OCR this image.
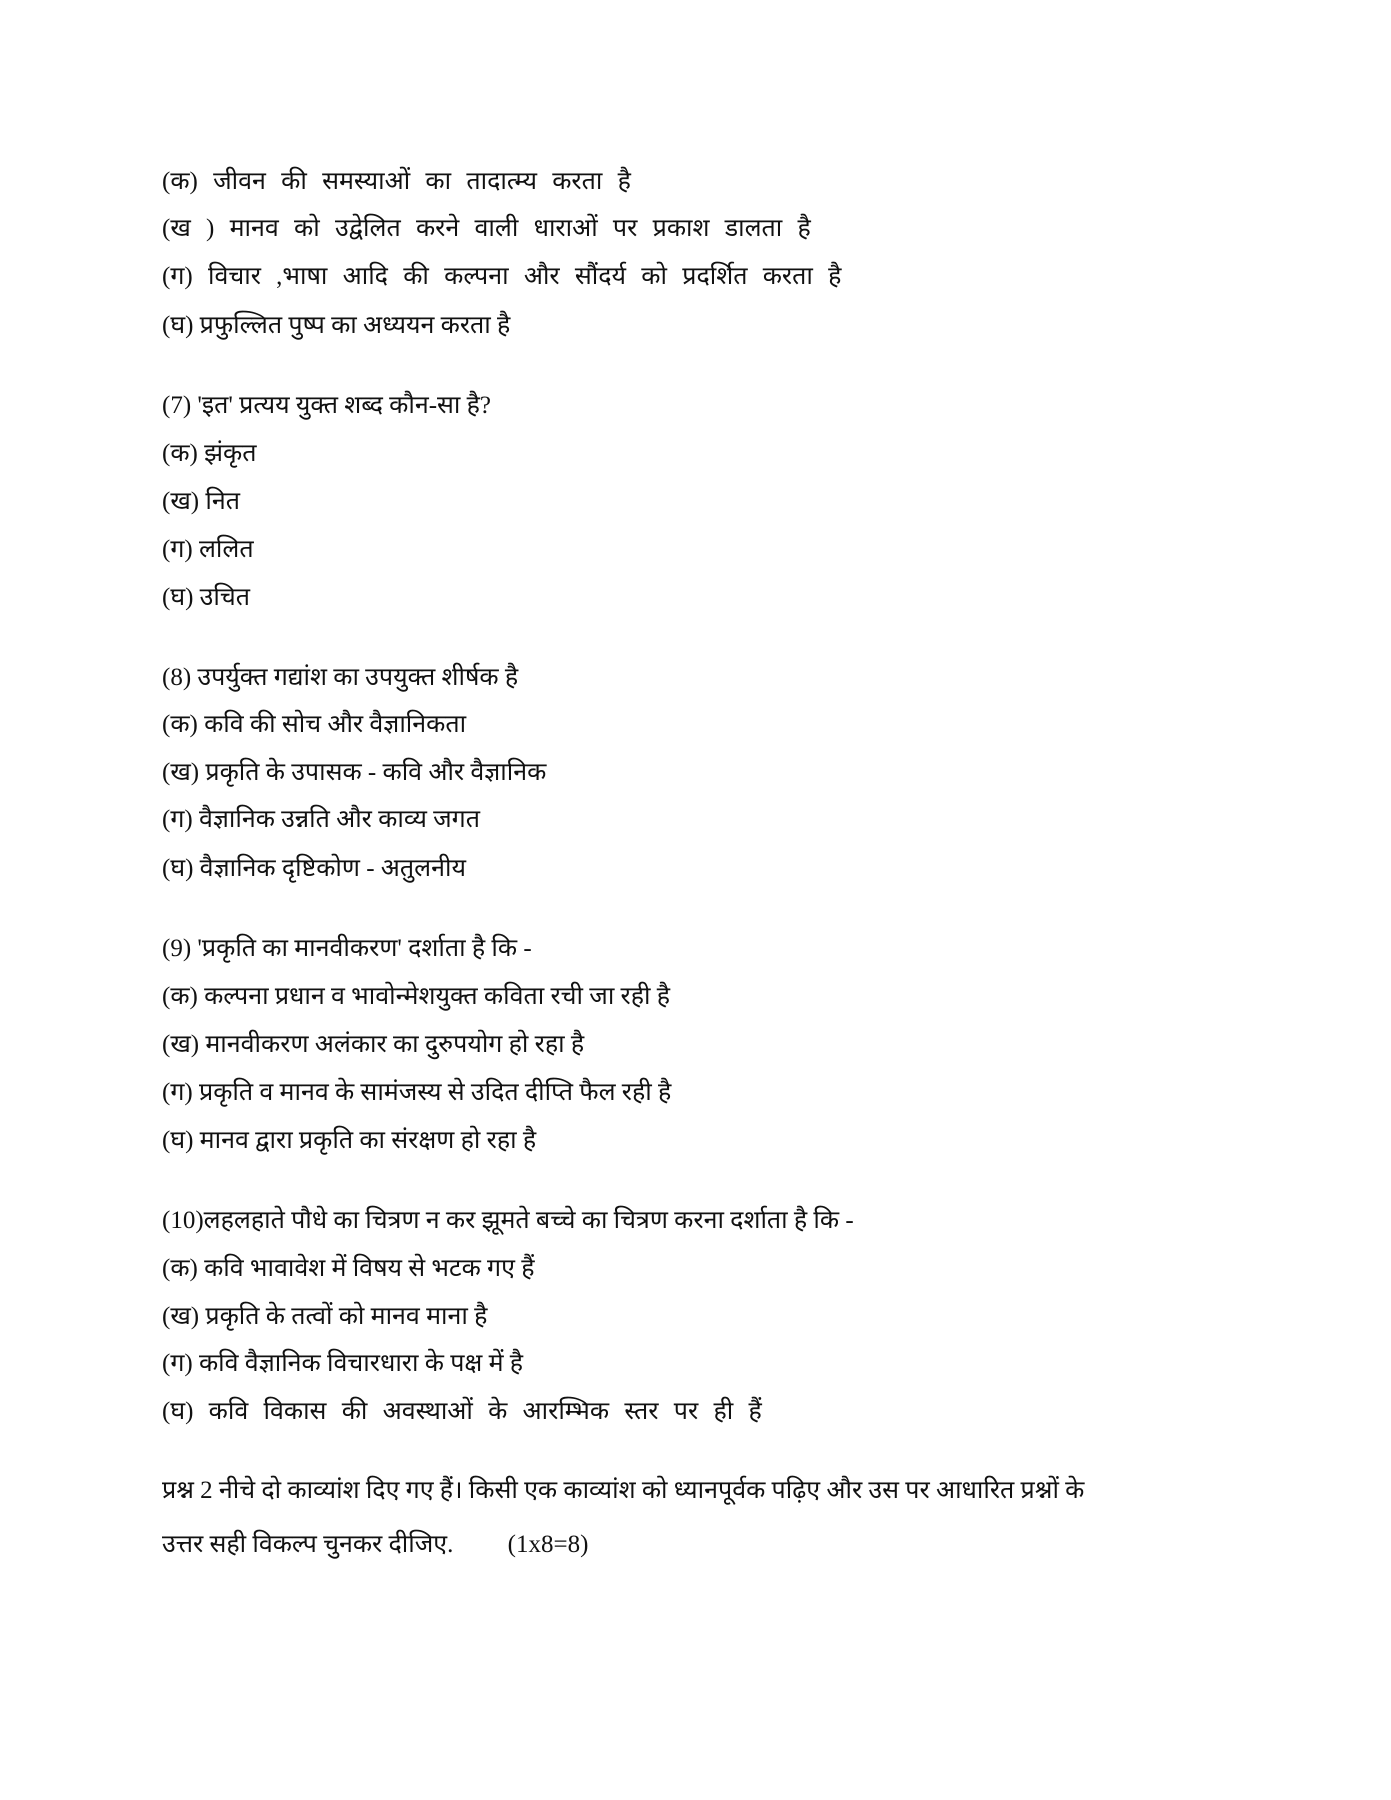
(क) जीवन की समस्याओं का तादात्म्य करता है
(ख ) मानव को उद्वेलित करने वाली धाराओं पर प्रकाश डालता है
(ग) विचार ,भाषा आदि की कल्पना और सौंदर्य को प्रदर्शित करता है
(घ) प्रफुल्लित पुष्प का अध्ययन करता है
(7) 'इत' प्रत्यय युक्त शब्द कौन-सा है?
(क) झंकृत
(ख) नित
(ग) ललित
(घ) उचित
(8) उपर्युक्त गद्यांश का उपयुक्त शीर्षक है
(क) कवि की सोच और वैज्ञानिकता
(ख) प्रकृति के उपासक - कवि और वैज्ञानिक
(ग) वैज्ञानिक उन्नति और काव्य जगत
(घ) वैज्ञानिक दृष्टिकोण - अतुलनीय
(9) 'प्रकृति का मानवीकरण' दर्शाता है कि -
(क) कल्पना प्रधान व भावोन्मेशयुक्त कविता रची जा रही है
(ख) मानवीकरण अलंकार का दुरुपयोग हो रहा है
(ग) प्रकृति व मानव के सामंजस्य से उदित दीप्ति फैल रही है
(घ) मानव द्वारा प्रकृति का संरक्षण हो रहा है
(10)लहलहाते पौधे का चित्रण न कर झूमते बच्चे का चित्रण करना दर्शाता है कि -
(क) कवि भावावेश में विषय से भटक गए हैं
(ख) प्रकृति के तत्वों को मानव माना है
(ग) कवि वैज्ञानिक विचारधारा के पक्ष में है
(घ) कवि विकास की अवस्थाओं के आरम्भिक स्तर पर ही हैं
प्रश्न 2 नीचे दो काव्यांश दिए गए हैं। किसी एक काव्यांश को ध्यानपूर्वक पढ़िए और उस पर आधारित प्रश्नों के
उत्तर सही विकल्प चुनकर दीजिए. (1x8=8)
